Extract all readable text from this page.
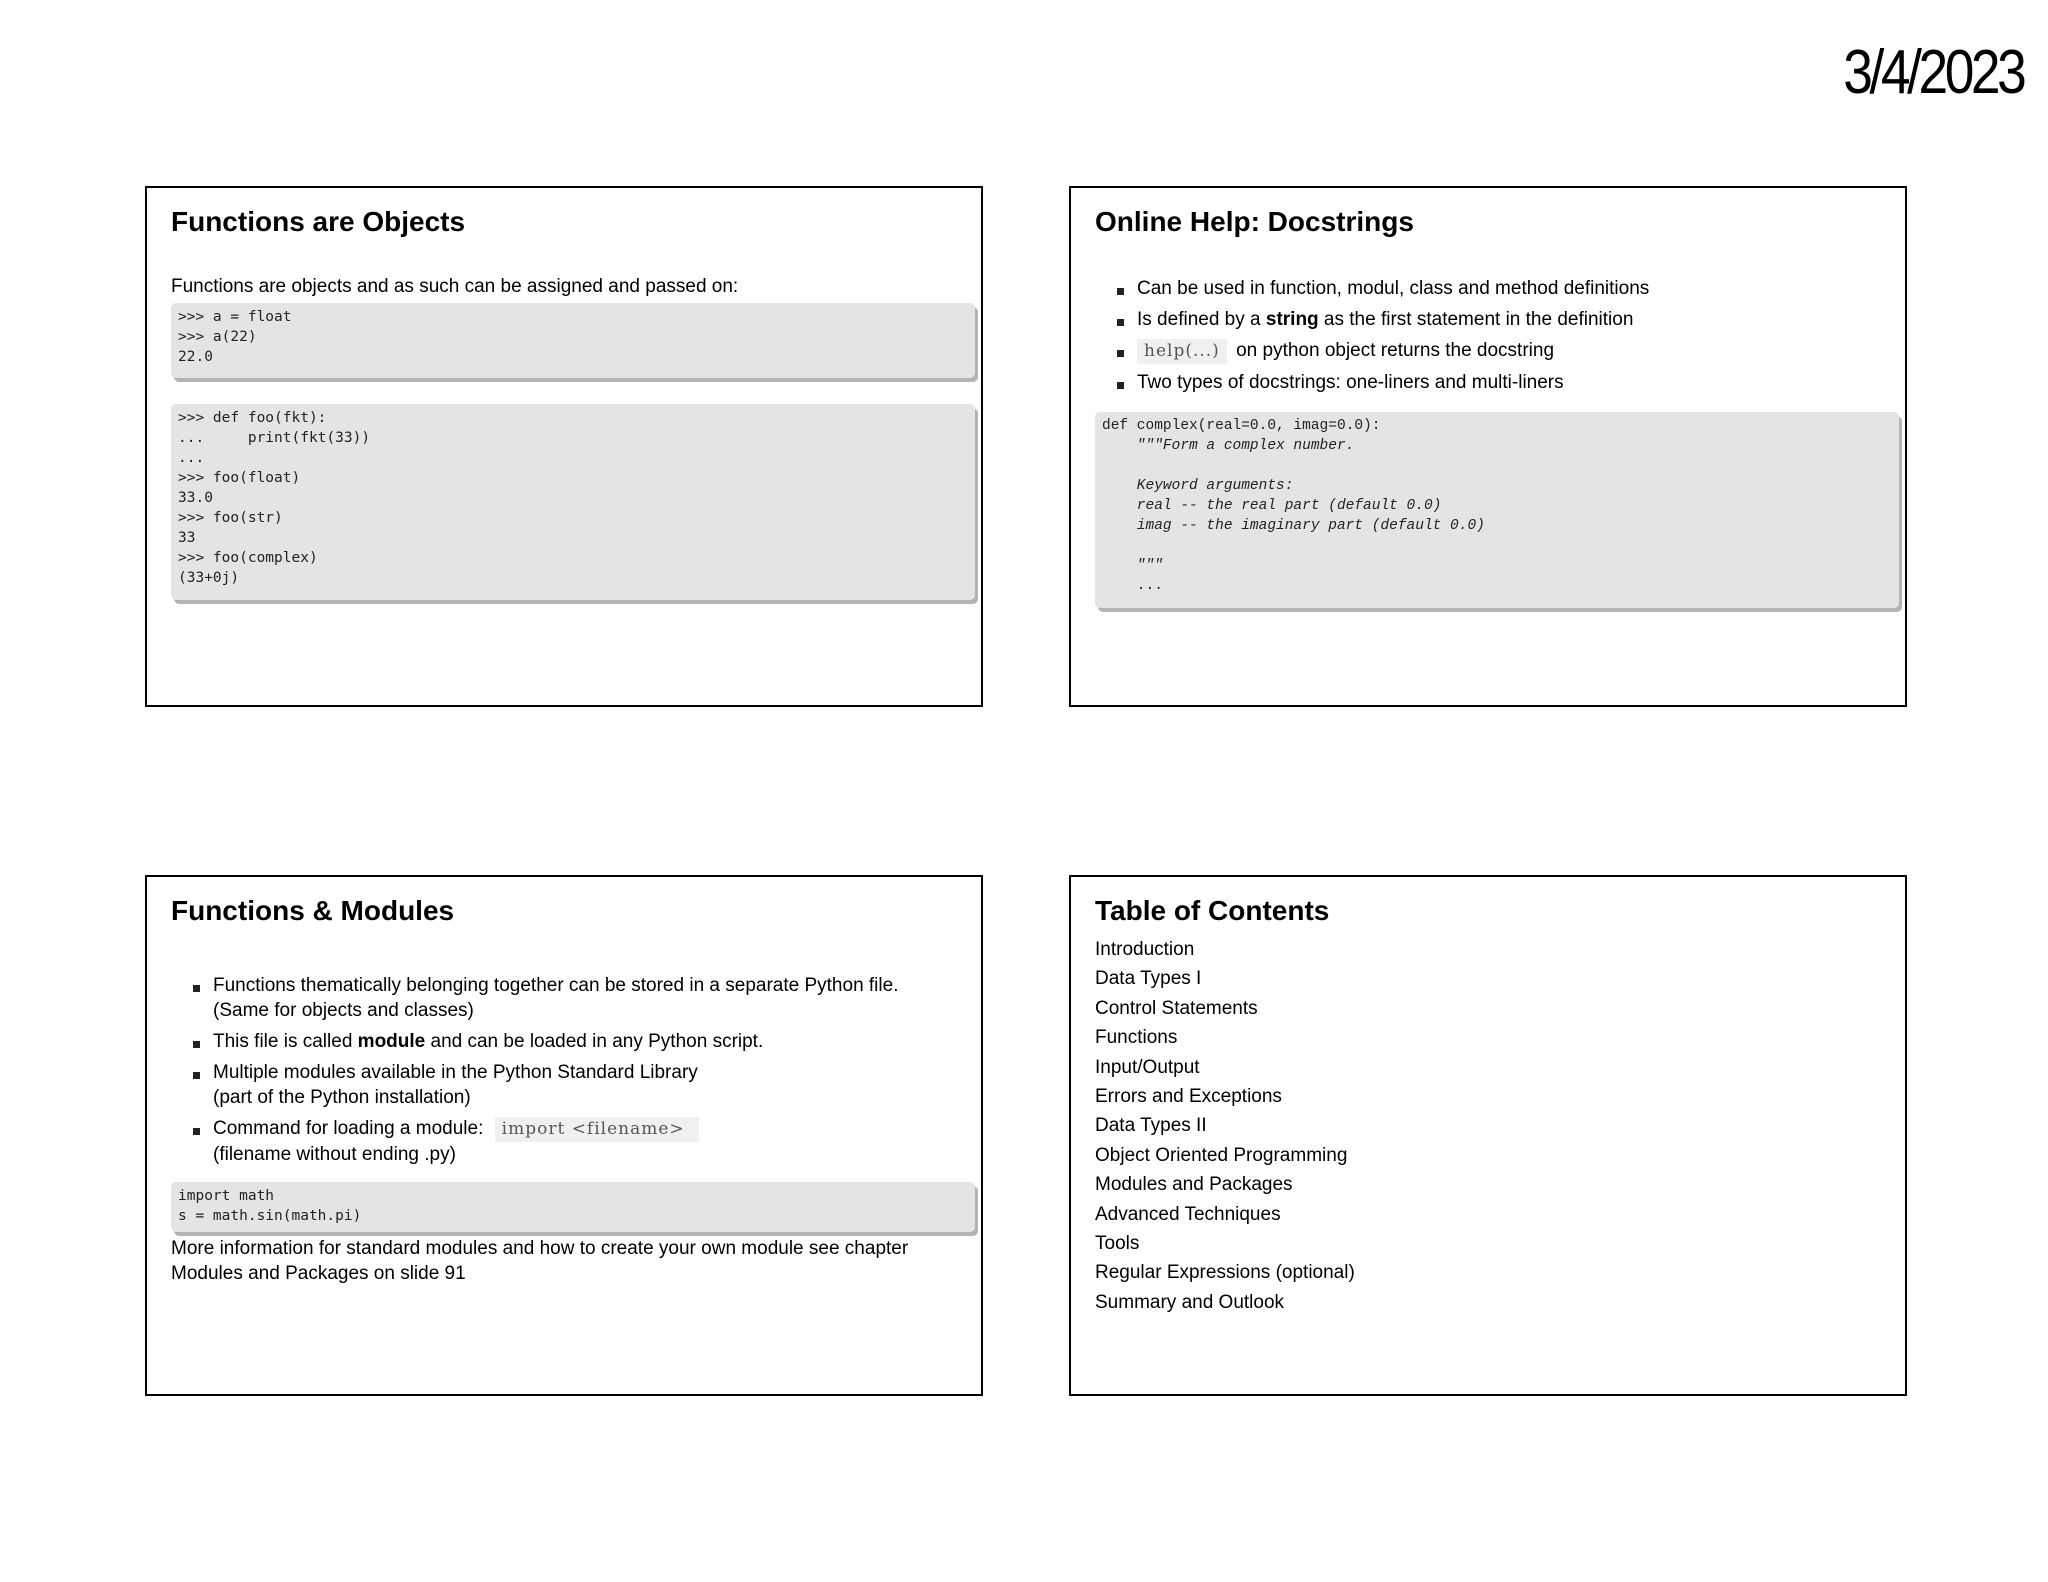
3/4/2023
Functions are Objects
Functions are objects and as such can be assigned and passed on:
>>> a = float
>>> a(22)
22.0
>>> def foo(fkt):
...     print(fkt(33))
...
>>> foo(float)
33.0
>>> foo(str)
33
>>> foo(complex)
(33+0j)
Online Help: Docstrings
Can be used in function, modul, class and method definitions
Is defined by a string as the first statement in the definition
help(...) on python object returns the docstring
Two types of docstrings: one-liners and multi-liners
def complex(real=0.0, imag=0.0):
"""Form a complex number.

Keyword arguments:
real -- the real part (default 0.0)
imag -- the imaginary part (default 0.0)

"""
...
Functions & Modules
Functions thematically belonging together can be stored in a separate Python file.
(Same for objects and classes)
This file is called module and can be loaded in any Python script.
Multiple modules available in the Python Standard Library
(part of the Python installation)
Command for loading a module: import <filename>
(filename without ending .py)
import math
s = math.sin(math.pi)
More information for standard modules and how to create your own module see chapter
Modules and Packages on slide 91
Table of Contents
Introduction
Data Types I
Control Statements
Functions
Input/Output
Errors and Exceptions
Data Types II
Object Oriented Programming
Modules and Packages
Advanced Techniques
Tools
Regular Expressions (optional)
Summary and Outlook
